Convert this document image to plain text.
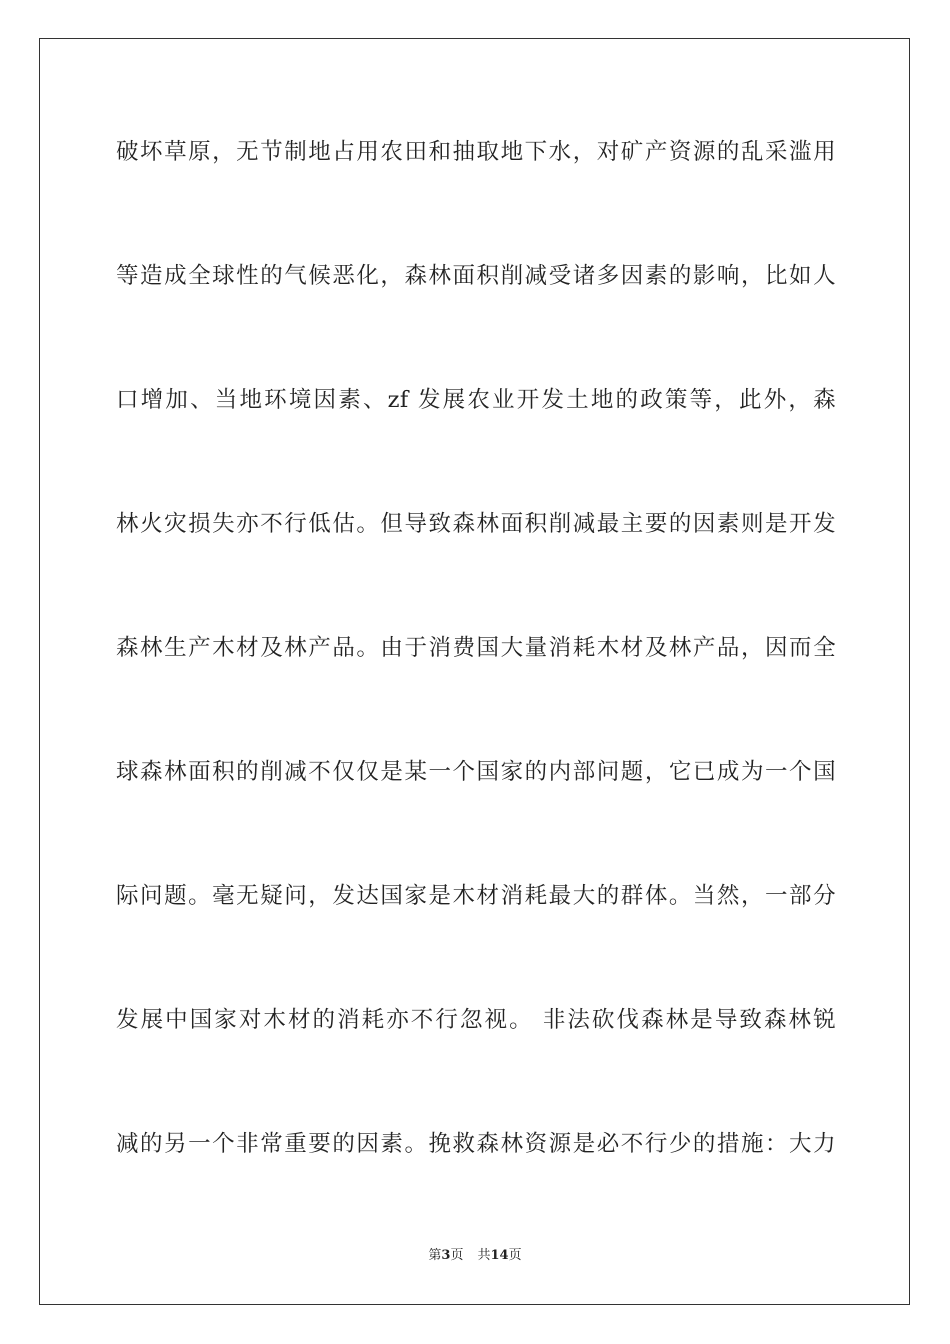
破坏草原，无节制地占用农田和抽取地下水，对矿产资源的乱采滥用
等造成全球性的气候恶化，森林面积削减受诸多因素的影响，比如人
口增加、当地环境因素、zf 发展农业开发土地的政策等，此外，森
林火灾损失亦不行低估。但导致森林面积削减最主要的因素则是开发
森林生产木材及林产品。由于消费国大量消耗木材及林产品，因而全
球森林面积的削减不仅仅是某一个国家的内部问题，它已成为一个国
际问题。毫无疑问，发达国家是木材消耗最大的群体。当然，一部分
发展中国家对木材的消耗亦不行忽视。 非法砍伐森林是导致森林锐
减的另一个非常重要的因素。挽救森林资源是必不行少的措施：大力
第3页 共14页
